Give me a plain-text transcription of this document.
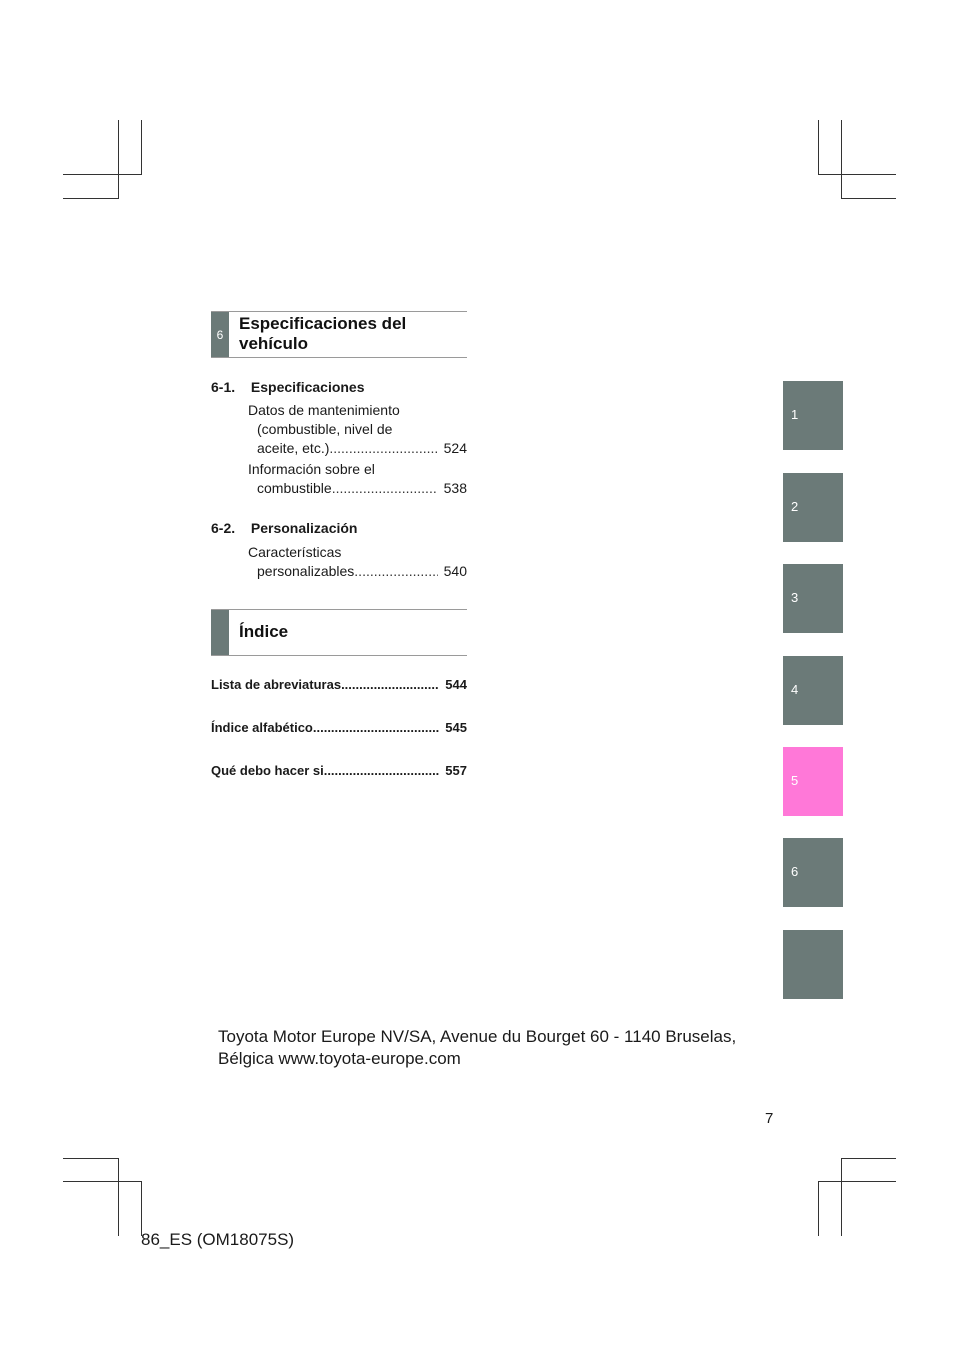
6
Especificaciones del vehículo
6-1. Especificaciones
Datos de mantenimiento
(combustible, nivel de
aceite, etc.) .....	524
Información sobre el
combustible .....	538
6-2. Personalización
Características
personalizables .....	540
Índice
Lista de abreviaturas .....	544
Índice alfabético .....	545
Qué debo hacer si... .....	557
1
2
3
4
5
6
Toyota Motor Europe NV/SA, Avenue du Bourget 60 - 1140 Bruselas,
Bélgica www.toyota-europe.com
7
86_ES (OM18075S)
